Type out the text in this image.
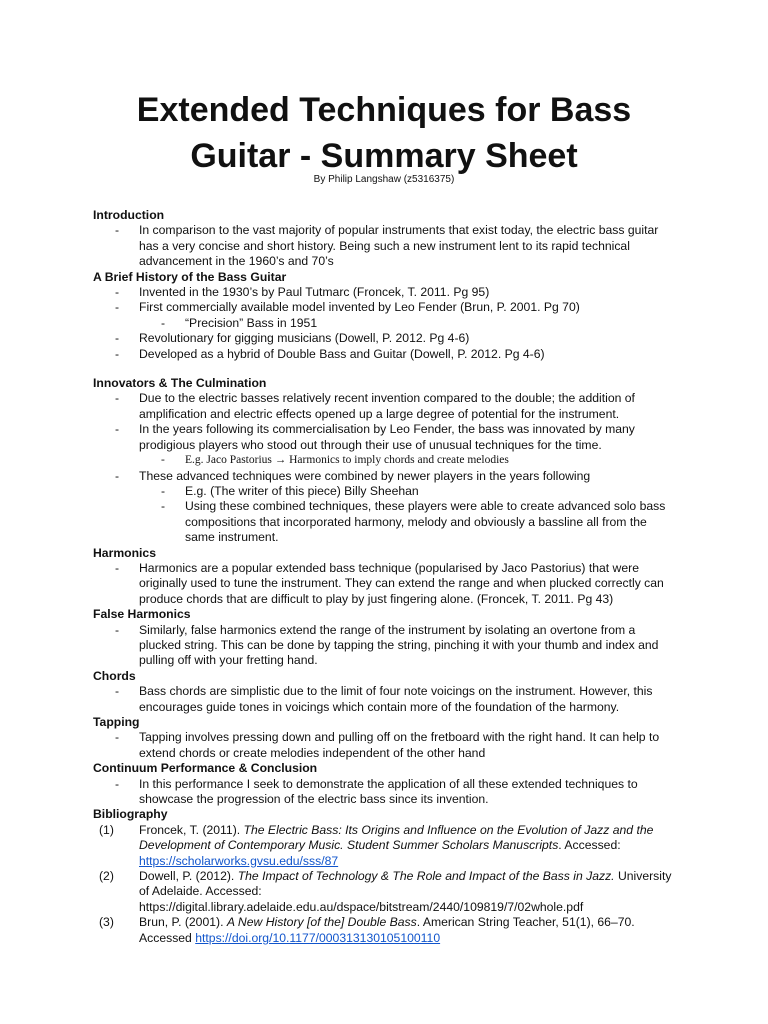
Extended Techniques for Bass
Guitar - Summary Sheet
By Philip Langshaw (z5316375)
Introduction
- In comparison to the vast majority of popular instruments that exist today, the electric bass guitar has a very concise and short history. Being such a new instrument lent to its rapid technical advancement in the 1960’s and 70’s
A Brief History of the Bass Guitar
- Invented in the 1930’s by Paul Tutmarc (Froncek, T. 2011. Pg 95)
- First commercially available model invented by Leo Fender (Brun, P. 2001. Pg 70)
- “Precision” Bass in 1951
- Revolutionary for gigging musicians (Dowell, P. 2012. Pg 4-6)
- Developed as a hybrid of Double Bass and Guitar (Dowell, P. 2012. Pg 4-6)
Innovators & The Culmination
- Due to the electric basses relatively recent invention compared to the double; the addition of amplification and electric effects opened up a large degree of potential for the instrument.
- In the years following its commercialisation by Leo Fender, the bass was innovated by many prodigious players who stood out through their use of unusual techniques for the time.
- E.g. Jaco Pastorius → Harmonics to imply chords and create melodies
- These advanced techniques were combined by newer players in the years following
- E.g. (The writer of this piece) Billy Sheehan
- Using these combined techniques, these players were able to create advanced solo bass compositions that incorporated harmony, melody and obviously a bassline all from the same instrument.
Harmonics
- Harmonics are a popular extended bass technique (popularised by Jaco Pastorius) that were originally used to tune the instrument. They can extend the range and when plucked correctly can produce chords that are difficult to play by just fingering alone. (Froncek, T. 2011. Pg 43)
False Harmonics
- Similarly, false harmonics extend the range of the instrument by isolating an overtone from a plucked string. This can be done by tapping the string, pinching it with your thumb and index and pulling off with your fretting hand.
Chords
- Bass chords are simplistic due to the limit of four note voicings on the instrument. However, this encourages guide tones in voicings which contain more of the foundation of the harmony.
Tapping
- Tapping involves pressing down and pulling off on the fretboard with the right hand. It can help to extend chords or create melodies independent of the other hand
Continuum Performance & Conclusion
- In this performance I seek to demonstrate the application of all these extended techniques to showcase the progression of the electric bass since its invention.
Bibliography
(1) Froncek, T. (2011). The Electric Bass: Its Origins and Influence on the Evolution of Jazz and the Development of Contemporary Music. Student Summer Scholars Manuscripts. Accessed: https://scholarworks.gvsu.edu/sss/87
(2) Dowell, P. (2012). The Impact of Technology & The Role and Impact of the Bass in Jazz. University of Adelaide. Accessed: https://digital.library.adelaide.edu.au/dspace/bitstream/2440/109819/7/02whole.pdf
(3) Brun, P. (2001). A New History [of the] Double Bass. American String Teacher, 51(1), 66–70. Accessed https://doi.org/10.1177/000313130105100110
